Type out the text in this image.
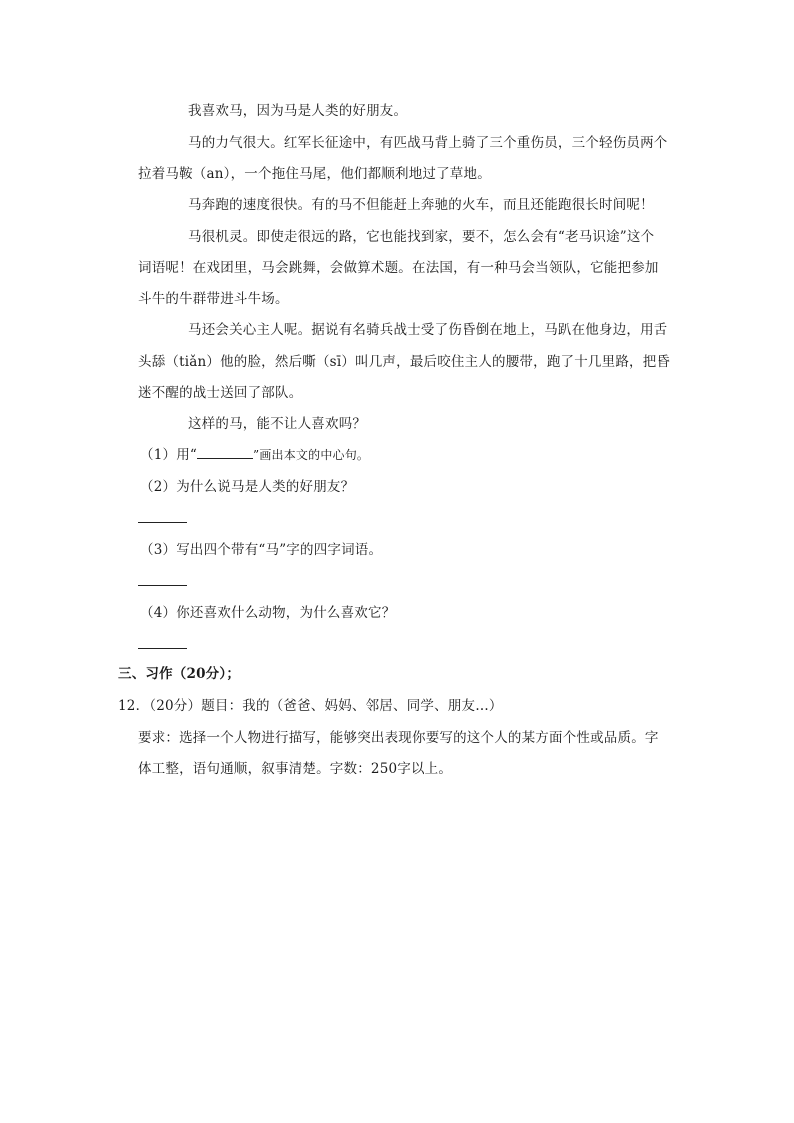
我喜欢马，因为马是人类的好朋友。
马的力气很大。红军长征途中，有匹战马背上骑了三个重伤员，三个轻伤员两个
拉着马鞍（an），一个拖住马尾，他们都顺利地过了草地。
马奔跑的速度很快。有的马不但能赶上奔驰的火车，而且还能跑很长时间呢！
马很机灵。即使走很远的路，它也能找到家，要不，怎么会有“老马识途”这个
词语呢！在戏团里，马会跳舞，会做算术题。在法国，有一种马会当领队，它能把参加
斗牛的牛群带进斗牛场。
马还会关心主人呢。据说有名骑兵战士受了伤昏倒在地上，马趴在他身边，用舌
头舔（tiǎn）他的脸，然后嘶（sī）叫几声，最后咬住主人的腰带，跑了十几里路，把昏
迷不醒的战士送回了部队。
这样的马，能不让人喜欢吗？
（1）用“	”画出本文的中心句。
（2）为什么说马是人类的好朋友？
（3）写出四个带有“马”字的四字词语。
（4）你还喜欢什么动物，为什么喜欢它？
三、习作（20分）；
12．（20分）题目：我的（爸爸、妈妈、邻居、同学、朋友…）
要求：选择一个人物进行描写，能够突出表现你要写的这个人的某方面个性或品质。字
体工整，语句通顺，叙事清楚。字数：250字以上。
